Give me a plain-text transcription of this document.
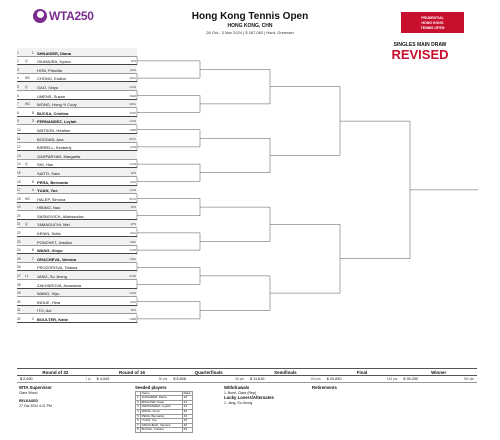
WTA250	Hong Kong Tennis Open
HONG KONG, CHN
28 Oct - 3 Nov 2024 | $ 267,082 | Hard, Greenset
PRUDENTIAL
HONG KONG
TENNIS OPEN
SINGLES MAIN DRAW
REVISED
1	1 SHNAIDER, Diana
2	Q	OKAMURA, Kyoka	JPN
3	HON, Priscilla	AUS
4	WC	CHONG, Eudice	HKG
5	Q	GAO, Xinyu	CHN
6	UMENS, Susan	NED
7	WC	WONG, Hong Yi Cody	HKG
8	8 BUCSA, Cristina	ESP
9	3 FERNANDEZ, Leylah	CAN
10	WATSON, Heather	GBR
11	BOGDAN, Ana	ROU
12	BIRRELL, Kimberly	AUS
13	GASPARYAN, Margarita
14	Q	SHI, Han	CHN
15	SAITO, Sara	JPN
16	5 PERA, Bernarda	USA
17	4 YUAN, Yue	CHN
18	WC	HALEP, Simona	ROU
19	HIBINO, Nao	JPN
20	SASNOVICH, Aliaksandra
21	Q	YAMAGUCHI, Mei	JPN
22	KENIN, Sofia	USA
23	PONCHET, Jessika	FRA
24	6 WANG, Xinyu	CHN
25	7 GRACHEVA, Varvara	FRA
26	PROZOROVA, Tatiana
27	LL	JANG, Su Jeong	KOR
28	ZAKHAROVA, Anastasia
29	WANG, Xiyu	CHN
30	INOUE, Hina	USA
31	ITO, Aoi	JPN
32	2 BOULTER, Katie	GBR
Round of 32	Round of 16	Quarterfinals	Semifinals	Final	Winner
$ 2,690	1 pt $ 4,040	30 pts $ 6,608	55 pts $ 11,616	100 pts $ 20,830	163 pts $ 35,250	250 pts
WTA Supervisor
Clare Wood
RELEASED
27 Oct 2024 4:11 PM
Seeded players
	Name	Rank
1	SHNAIDER, Diana	18
2	BOULTER, Katie	31
3	FERNANDEZ, Leylah	33
4	WANG, Xinyu	36
5	PERA, Bernarda	43
6	YUAN, Yue	45
7	GRACHEVA, Varvara	49
8	BUCSA, Cristina	53
Withdrawals
1. Burel, Clara (Rep)
Lucky Losers/Alternates
1. Jang, Su Jeong
Retirements
